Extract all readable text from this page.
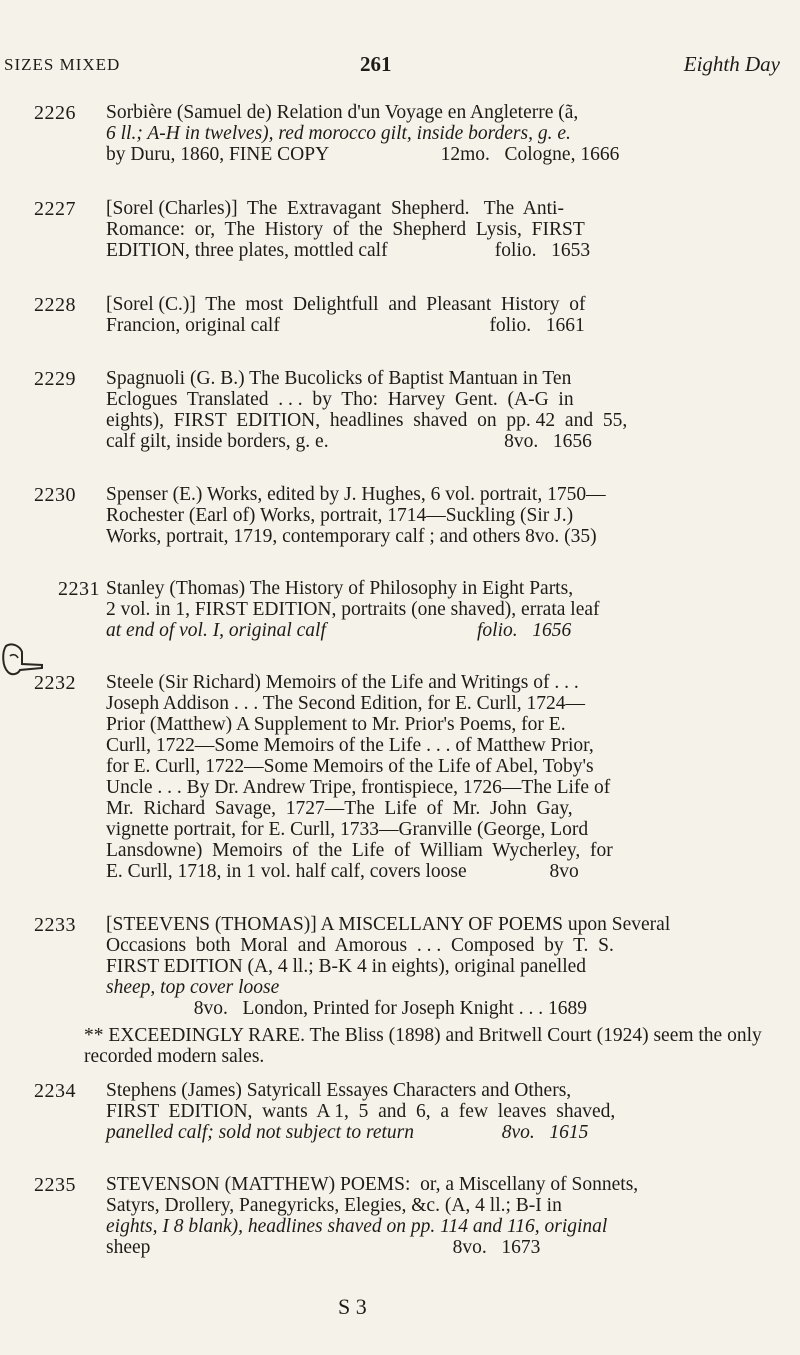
SIZES MIXED	261	Eighth Day
2226 Sorbière (Samuel de) Relation d'un Voyage en Angleterre (ã,
6 ll.; A-H in twelves), red morocco gilt, inside borders, g. e.
by Duru, 1860, FINE COPY                       12mo.   Cologne, 1666
2227 [Sorel (Charles)]  The  Extravagant  Shepherd.   The  Anti-
Romance:  or,  The  History  of  the  Shepherd  Lysis,  FIRST
EDITION, three plates, mottled calf                      folio.   1653
2228 [Sorel (C.)]  The  most  Delightfull  and  Pleasant  History  of
Francion, original calf                                           folio.   1661
2229 Spagnuoli (G. B.) The Bucolicks of Baptist Mantuan in Ten
Eclogues  Translated  . . .  by  Tho:  Harvey  Gent.  (A-G  in
eights),  FIRST  EDITION,  headlines  shaved  on  pp. 42  and  55,
calf gilt, inside borders, g. e.                                    8vo.   1656
2230 Spenser (E.) Works, edited by J. Hughes, 6 vol. portrait, 1750—
Rochester (Earl of) Works, portrait, 1714—Suckling (Sir J.)
Works, portrait, 1719, contemporary calf ; and others 8vo. (35)
2231 Stanley (Thomas) The History of Philosophy in Eight Parts,
2 vol. in 1, FIRST EDITION, portraits (one shaved), errata leaf
at end of vol. I, original calf                               folio.   1656
2232 Steele (Sir Richard) Memoirs of the Life and Writings of . . .
Joseph Addison . . . The Second Edition, for E. Curll, 1724—
Prior (Matthew) A Supplement to Mr. Prior's Poems, for E.
Curll, 1722—Some Memoirs of the Life . . . of Matthew Prior,
for E. Curll, 1722—Some Memoirs of the Life of Abel, Toby's
Uncle . . . By Dr. Andrew Tripe, frontispiece, 1726—The Life of
Mr.  Richard  Savage,  1727—The  Life  of  Mr.  John  Gay,
vignette portrait, for E. Curll, 1733—Granville (George, Lord
Lansdowne)  Memoirs  of  the  Life  of  William  Wycherley,  for
E. Curll, 1718, in 1 vol. half calf, covers loose                 8vo
2233 [STEEVENS (THOMAS)] A MISCELLANY OF POEMS upon Several
Occasions  both  Moral  and  Amorous  . . .  Composed  by  T.  S.
FIRST EDITION (A, 4 ll.; B-K 4 in eights), original panelled
sheep, top cover loose
8vo.   London, Printed for Joseph Knight . . . 1689
** EXCEEDINGLY RARE. The Bliss (1898) and Britwell Court (1924) seem the only recorded modern sales.
2234 Stephens (James) Satyricall Essayes Characters and Others,
FIRST  EDITION,  wants  A 1,  5  and  6,  a  few  leaves  shaved,
panelled calf; sold not subject to return                  8vo.   1615
2235 STEVENSON (MATTHEW) POEMS:  or, a Miscellany of Sonnets,
Satyrs, Drollery, Panegyricks, Elegies, &c. (A, 4 ll.; B-I in
eights, I 8 blank), headlines shaved on pp. 114 and 116, original
sheep                                                              8vo.   1673
S 3
